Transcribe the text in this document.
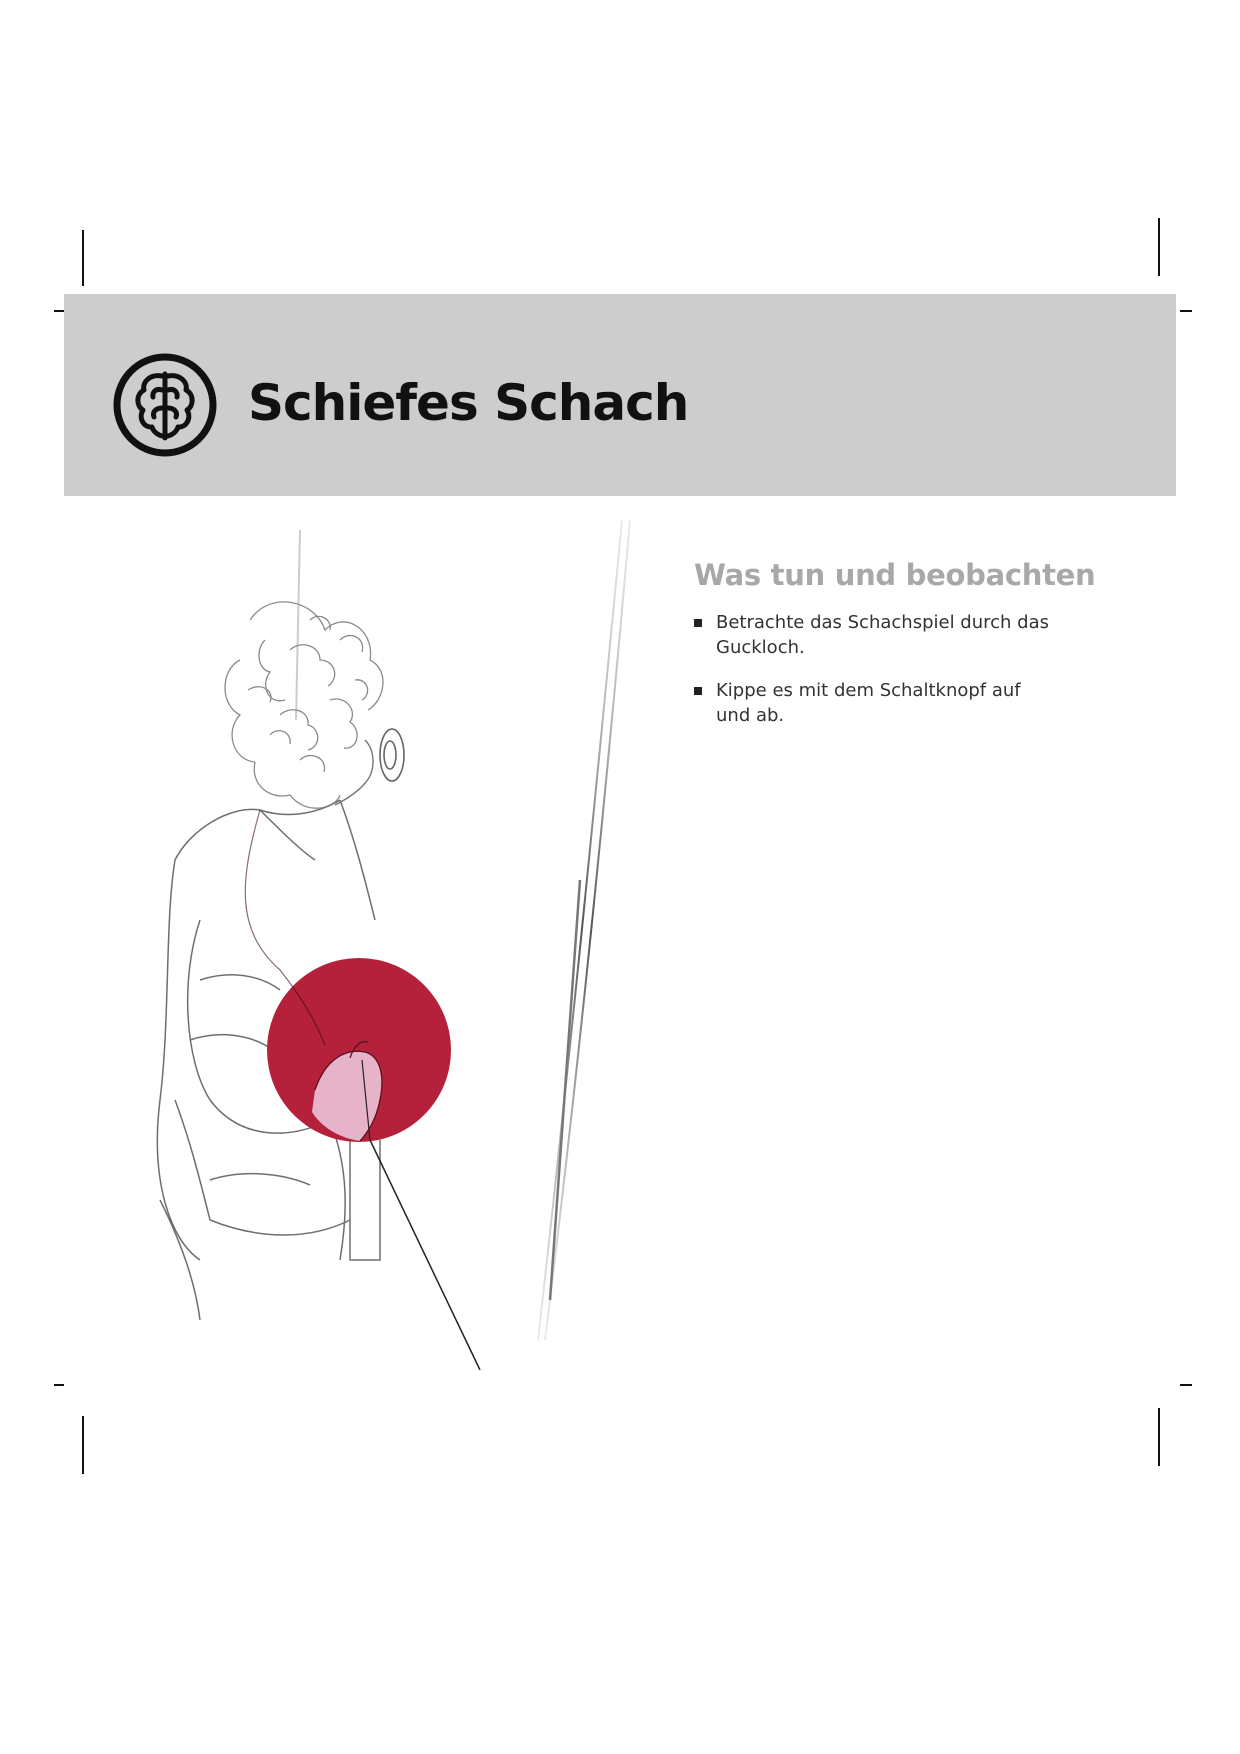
Schiefes Schach
Was tun und beobachten
Betrachte das Schachspiel durch das Guckloch.
Kippe es mit dem Schaltknopf auf und ab.
